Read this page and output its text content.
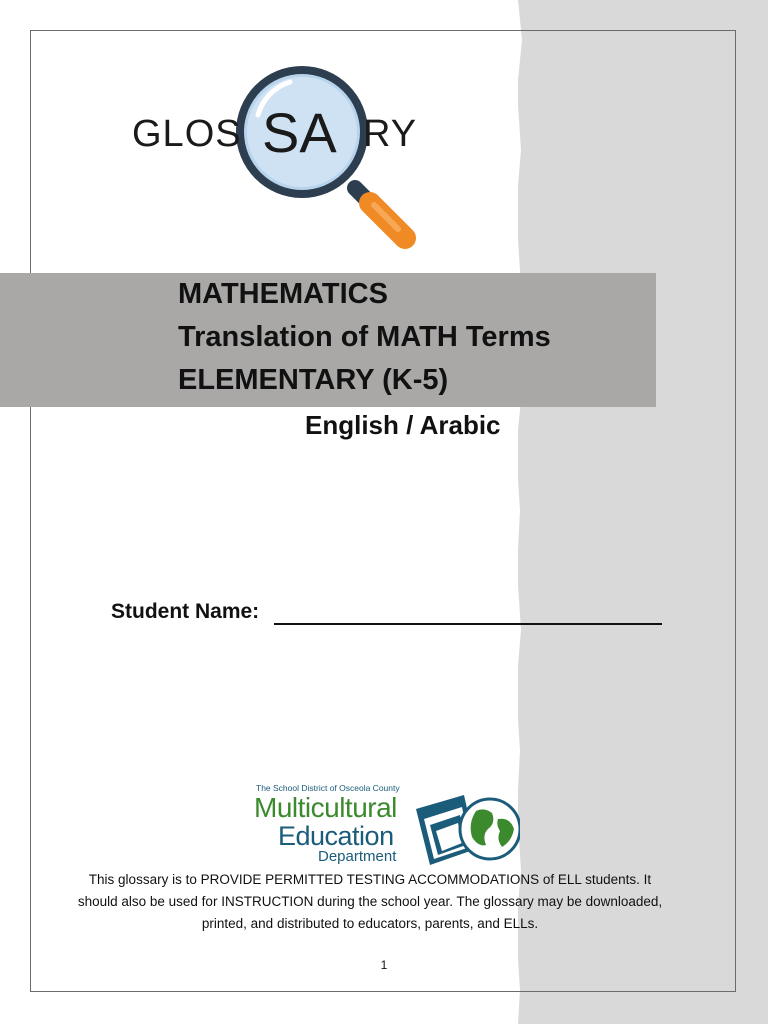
GLOS SA RY
MATHEMATICS
Translation of MATH Terms
ELEMENTARY (K-5)
English / Arabic
Student Name:
The School District of Osceola County
Multicultural
Education
Department
This glossary is to PROVIDE PERMITTED TESTING ACCOMMODATIONS of ELL students. It should also be used for INSTRUCTION during the school year. The glossary may be downloaded, printed, and distributed to educators, parents, and ELLs.
1
